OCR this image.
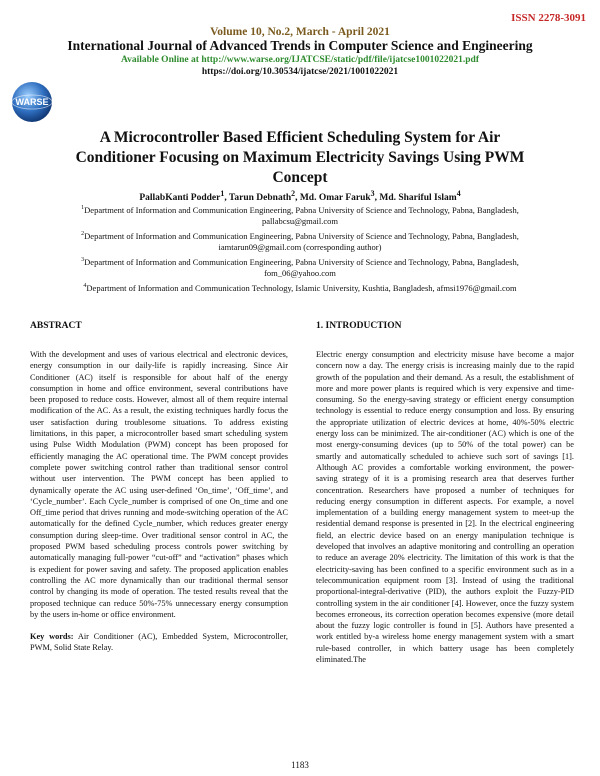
ISSN 2278-3091
Volume 10, No.2, March - April 2021
International Journal of Advanced Trends in Computer Science and Engineering
Available Online at http://www.warse.org/IJATCSE/static/pdf/file/ijatcse1001022021.pdf
https://doi.org/10.30534/ijatcse/2021/1001022021
WARSE
A Microcontroller Based Efficient Scheduling System for Air Conditioner Focusing on Maximum Electricity Savings Using PWM Concept
PallabKanti Podder$^1$, Tarun Debnath$^2$, Md. Omar Faruk$^3$, Md. Shariful Islam$^4$
$^1$Department of Information and Communication Engineering, Pabna University of Science and Technology, Pabna, Bangladesh, pallabcsu@gmail.com
$^2$Department of Information and Communication Engineering, Pabna University of Science and Technology, Pabna, Bangladesh, iamtarun09@gmail.com (corresponding author)
$^3$Department of Information and Communication Engineering, Pabna University of Science and Technology, Pabna, Bangladesh, fom_06@yahoo.com
$^4$Department of Information and Communication Technology, Islamic University, Kushtia, Bangladesh, afmsi1976@gmail.com
ABSTRACT

With the development and uses of various electrical and electronic devices, energy consumption in our daily-life is rapidly increasing. Since Air Conditioner (AC) itself is responsible for about half of the energy consumption in home and office environment, several contributions have been proposed to reduce costs. However, almost all of them require internal modification of the AC. As a result, the existing techniques hardly focus the user satisfaction during troublesome situations. To address existing limitations, in this paper, a microcontroller based smart scheduling system using Pulse Width Modulation (PWM) concept has been proposed for efficiently managing the AC operational time. The PWM concept provides complete power switching control rather than traditional sensor control without user intervention. The PWM concept has been applied to dynamically operate the AC using user-defined ‘On_time’, ‘Off_time’, and ‘Cycle_number’. Each Cycle_number is comprised of one On_time and one Off_time period that drives running and mode-switching operation of the AC automatically for the defined Cycle_number, which reduces greater energy consumption during sleep-time. Over traditional sensor control in AC, the proposed PWM based scheduling process controls power switching by automatically managing full-power “cut-off” and “activation” phases which is expedient for power saving and safety. The proposed application enables controlling the AC more dynamically than our traditional thermal sensor control by changing its mode of operation. The tested results reveal that the proposed technique can reduce 50%-75% unnecessary energy consumption by the users in-home or office environment.

Key words: Air Conditioner (AC), Embedded System, Microcontroller, PWM, Solid State Relay.

1. INTRODUCTION

Electric energy consumption and electricity misuse have become a major concern now a day. The energy crisis is increasing mainly due to the rapid growth of the population and their demand. As a result, the establishment of more and more power plants is required which is very expensive and time-consuming. So the energy-saving strategy or efficient energy consumption technology is essential to reduce energy consumption and loss. By ensuring the appropriate utilization of electric devices at home, 40%-50% electric energy loss can be minimized. The air-conditioner (AC) which is one of the most energy-consuming devices (up to 50% of the total power) can be smartly and automatically scheduled to achieve such sort of savings [1]. Although AC provides a comfortable working environment, the power-saving strategy of it is a promising research area that deserves further concentration. Researchers have proposed a number of techniques for reducing energy consumption in different aspects. For example, a novel implementation of a building energy management system to meet-up the residential demand response is presented in [2]. In the electrical engineering field, an electric device based on an energy manipulation technique is developed that involves an adaptive monitoring and controlling an operation to reduce an average 20% electricity. The limitation of this work is that the electricity-saving has been confined to a specific environment such as in a telecommunication equipment room [3]. Instead of using the traditional proportional-integral-derivative (PID), the authors exploit the Fuzzy-PID controlling system in the air conditioner [4]. However, once the fuzzy system becomes erroneous, its correction operation becomes expensive (more detail about the fuzzy logic controller is found in [5]. Authors have presented a work entitled by-a wireless home energy management system with a smart rule-based controller, in which battery usage has been completely eliminated.The

1183
